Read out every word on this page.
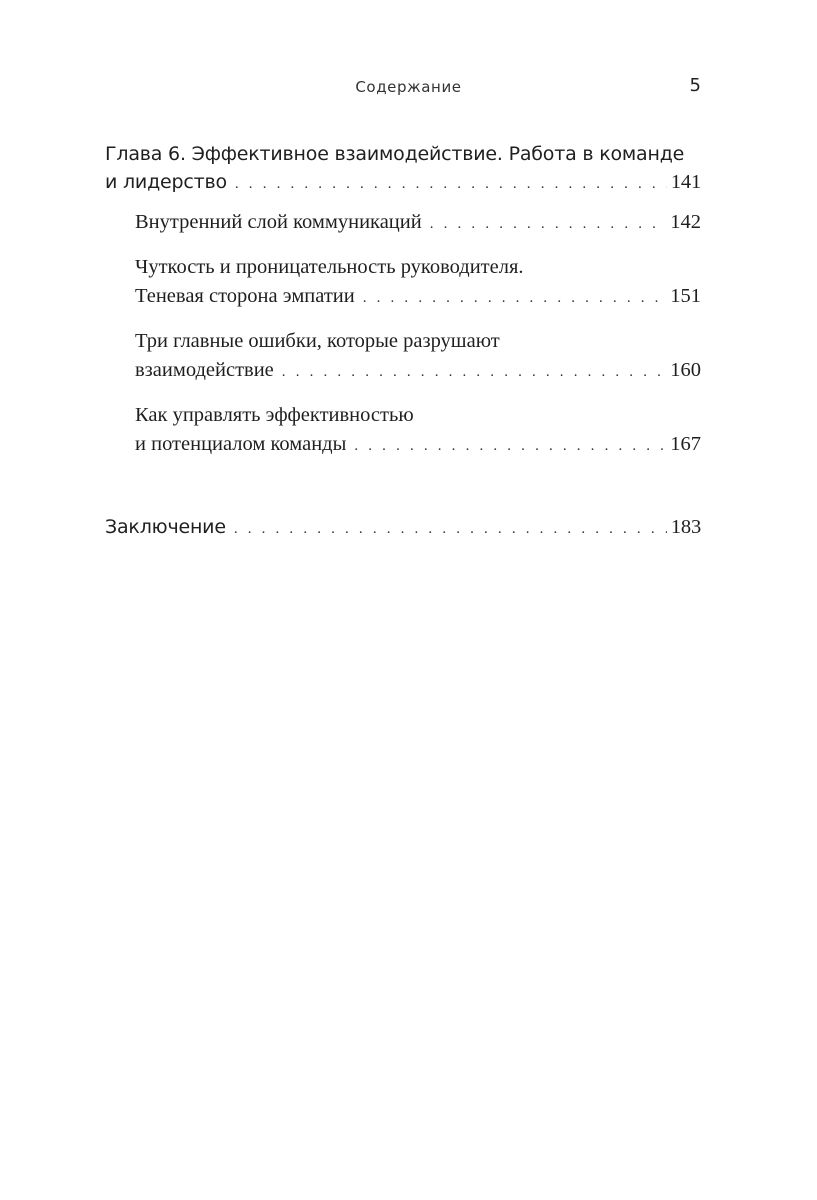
Содержание	5
Глава 6. Эффективное взаимодействие. Работа в команде
и лидерство . . .	141
Внутренний слой коммуникаций . . .	142
Чуткость и проницательность руководителя.
Теневая сторона эмпатии . . .	151
Три главные ошибки, которые разрушают
взаимодействие . . .	160
Как управлять эффективностью
и потенциалом команды . . .	167
Заключение . . .	183
